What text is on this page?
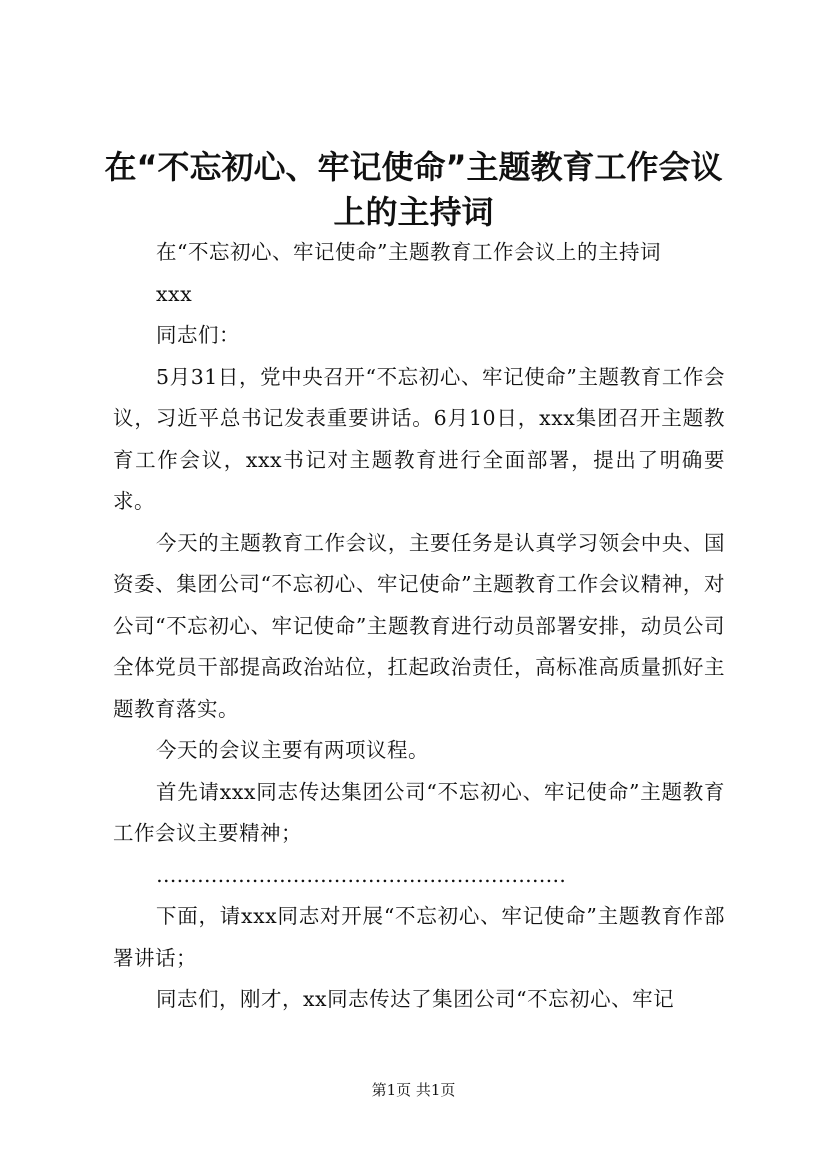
在“不忘初心、牢记使命”主题教育工作会议
上的主持词

在“不忘初心、牢记使命”主题教育工作会议上的主持词

xxx

同志们：

5月31日，党中央召开“不忘初心、牢记使命”主题教育工作会议，习近平总书记发表重要讲话。6月10日，xxx集团召开主题教育工作会议，xxx书记对主题教育进行全面部署，提出了明确要求。

今天的主题教育工作会议，主要任务是认真学习领会中央、国资委、集团公司“不忘初心、牢记使命”主题教育工作会议精神，对公司“不忘初心、牢记使命”主题教育进行动员部署安排，动员公司全体党员干部提高政治站位，扛起政治责任，高标准高质量抓好主题教育落实。

今天的会议主要有两项议程。

首先请xxx同志传达集团公司“不忘初心、牢记使命”主题教育工作会议主要精神；

……………………………………………………

下面，请xxx同志对开展“不忘初心、牢记使命”主题教育作部署讲话；

同志们，刚才，xx同志传达了集团公司“不忘初心、牢记

第1页 共1页
